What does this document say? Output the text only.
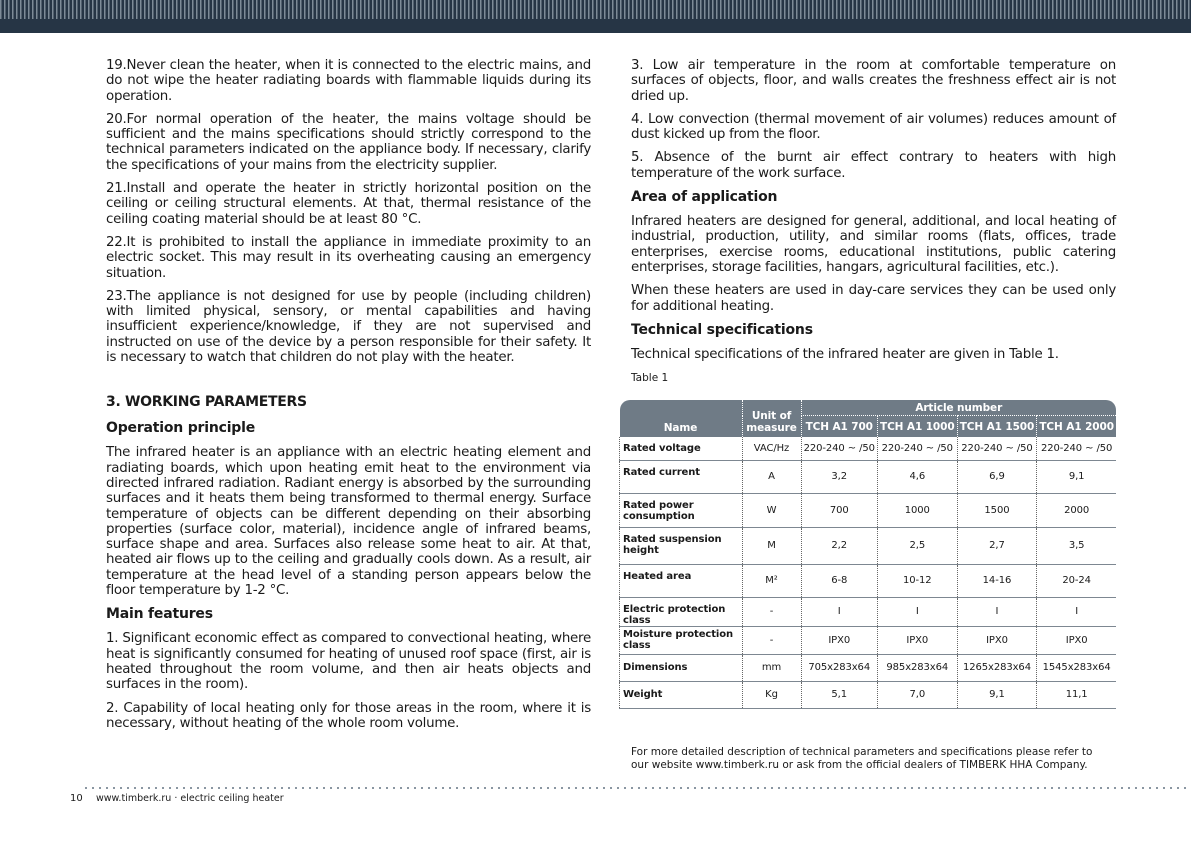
19.Never clean the heater, when it is connected to the electric mains, and do not wipe the heater radiating boards with flammable liquids during its operation.

20.For normal operation of the heater, the mains voltage should be sufficient and the mains specifications should strictly correspond to the technical parameters indicated on the appliance body. If necessary, clarify the specifications of your mains from the electricity supplier.

21.Install and operate the heater in strictly horizontal position on the ceiling or ceiling structural elements. At that, thermal resistance of the ceiling coating material should be at least 80 °C.

22.It is prohibited to install the appliance in immediate proximity to an electric socket. This may result in its overheating causing an emergency situation.

23.The appliance is not designed for use by people (including children) with limited physical, sensory, or mental capabilities and having insufficient experience/knowledge, if they are not supervised and instructed on use of the device by a person responsible for their safety. It is necessary to watch that children do not play with the heater.

3. WORKING PARAMETERS
Operation principle

The infrared heater is an appliance with an electric heating element and radiating boards, which upon heating emit heat to the environment via directed infrared radiation. Radiant energy is absorbed by the surrounding surfaces and it heats them being transformed to thermal energy. Surface temperature of objects can be different depending on their absorbing properties (surface color, material), incidence angle of infrared beams, surface shape and area. Surfaces also release some heat to air. At that, heated air flows up to the ceiling and gradually cools down. As a result, air temperature at the head level of a standing person appears below the floor temperature by 1-2 °C.

Main features

1. Significant economic effect as compared to convectional heating, where heat is significantly consumed for heating of unused roof space (first, air is heated throughout the room volume, and then air heats objects and surfaces in the room).

2. Capability of local heating only for those areas in the room, where it is necessary, without heating of the whole room volume.

3. Low air temperature in the room at comfortable temperature on surfaces of objects, floor, and walls creates the freshness effect air is not dried up.

4. Low convection (thermal movement of air volumes) reduces amount of dust kicked up from the floor.

5. Absence of the burnt air effect contrary to heaters with high temperature of the work surface.

Area of application

Infrared heaters are designed for general, additional, and local heating of industrial, production, utility, and similar rooms (flats, offices, trade enterprises, exercise rooms, educational institutions, public catering enterprises, storage facilities, hangars, agricultural facilities, etc.).

When these heaters are used in day-care services they can be used only for additional heating.

Technical specifications

Technical specifications of the infrared heater are given in Table 1.

Table 1
Name	Unit of measure	Article number			
		TCH A1 700	TCH A1 1000	TCH A1 1500	TCH A1 2000
Rated voltage	VAC/Hz	220-240 ~ /50	220-240 ~ /50	220-240 ~ /50	220-240 ~ /50
Rated current	A	3,2	4,6	6,9	9,1
Rated power consumption	W	700	1000	1500	2000
Rated suspension height	M	2,2	2,5	2,7	3,5
Heated area	M²	6-8	10-12	14-16	20-24
Electric protection class	-	I	I	I	I
Moisture protection class	-	IPX0	IPX0	IPX0	IPX0
Dimensions	mm	705x283x64	985x283x64	1265x283x64	1545x283x64
Weight	Kg	5,1	7,0	9,1	11,1
For more detailed description of technical parameters and specifications please refer to our website www.timberk.ru or ask from the official dealers of TIMBERK HHA Company.
10 www.timberk.ru · electric ceiling heater
